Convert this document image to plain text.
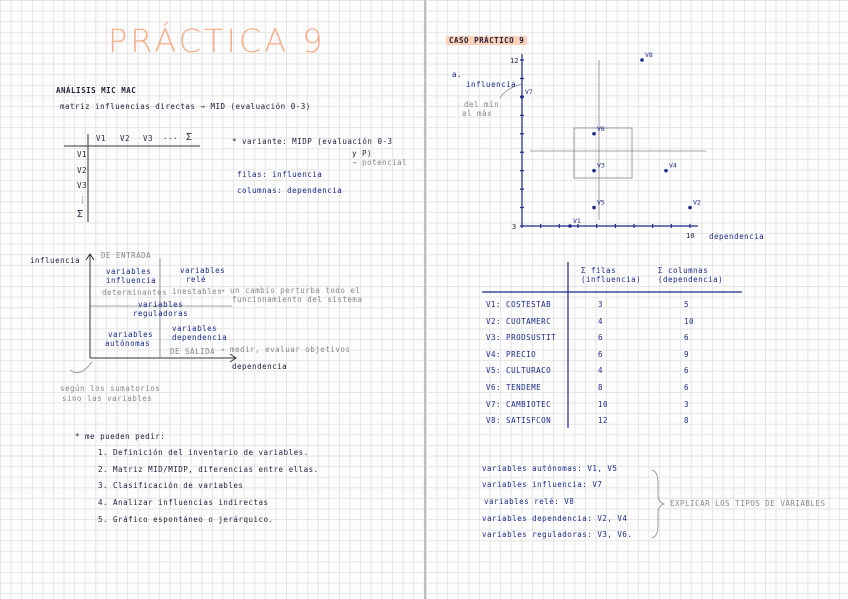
PRÁCTICA 9
ANÁLISIS MIC MAC
matriz influencias directas → MID (evaluación 0-3)
V1 V2 V3 ... Σ
V1
V2
V3
⋮
Σ
* variante: MIDP (evaluación 0-3
y P)
→ potencial
filas: influencia
columnas: dependencia
influencia
DE ENTRADA
variables
influencia
determinantes
variables
relé
inestables
→ un cambio perturba todo el
funcionamiento del sistema
variables
reguladoras
variables
autónomas
variables
dependencia
DE SALIDA → medir, evaluar objetivos
dependencia
según los sumatorios
sino las variables
* me pueden pedir:
1. Definición del inventario de variables.
2. Matriz MID/MIDP, diferencias entre ellas.
3. Clasificación de variables
4. Analizar influencias indirectas
5. Gráfico espontáneo o jerárquico.
CASO PRÁCTICO 9
a.
3
10
12
V1
V2
V3	V4
V5
V6
V7
V8
influencia
del mín
al máx
dependencia
Σ filas
(influencia)
Σ columnas
(dependencia)
V1: COSTESTAB	3	5
V2: CUOTAMERC	4	10
V3: PRODSUSTIT	6	6
V4: PRECIO	6	9
V5: CULTURACO	4	6
V6: TENDEME	8	6
V7: CAMBIOTEC	10	3
V8: SATISFCON	12	8
variables autónomas: V1, V5
variables influencia: V7
variables relé: V8
variables dependencia: V2, V4
variables reguladoras: V3, V6.
EXPLICAR LOS TIPOS DE VARIABLES
